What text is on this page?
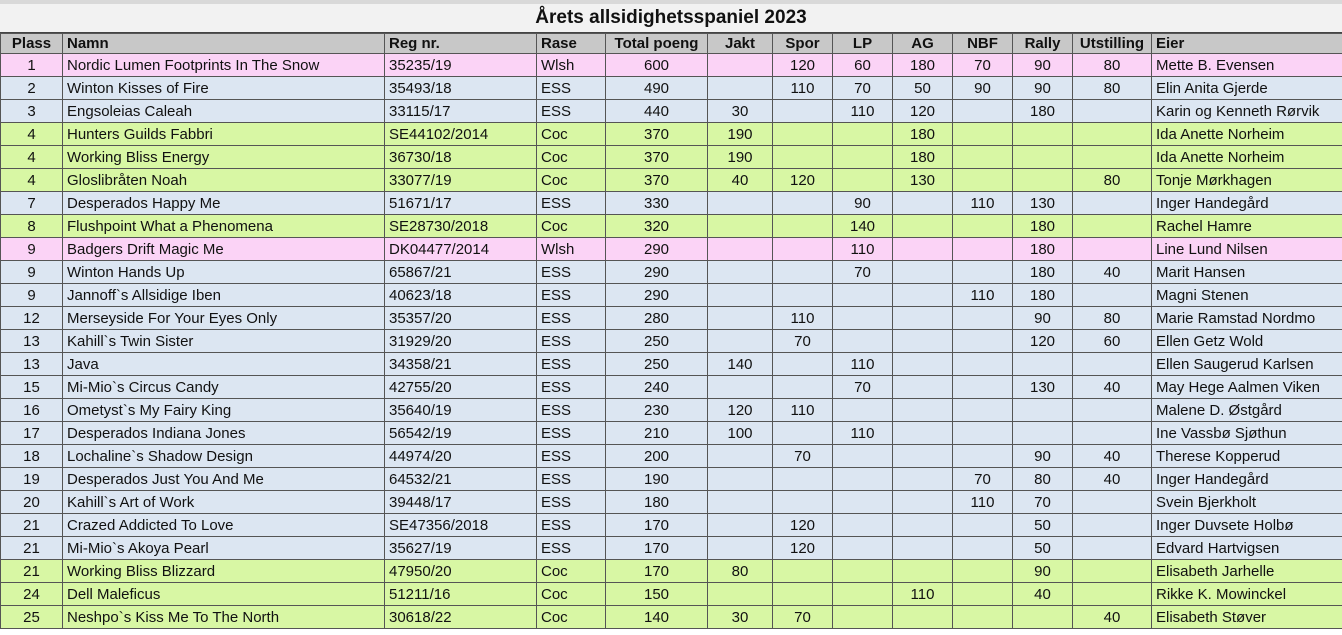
Årets allsidighetsspaniel 2023
Plass	Namn	Reg nr.	Rase	Total poeng	Jakt	Spor	LP	AG	NBF	Rally	Utstilling	Eier
1	Nordic Lumen Footprints In The Snow	35235/19	Wlsh	600		120	60	180	70	90	80	Mette B. Evensen
2	Winton Kisses of Fire	35493/18	ESS	490		110	70	50	90	90	80	Elin Anita Gjerde
3	Engsoleias Caleah	33115/17	ESS	440	30		110	120		180		Karin og Kenneth Rørvik
4	Hunters Guilds Fabbri	SE44102/2014	Coc	370	190			180				Ida Anette Norheim
4	Working Bliss Energy	36730/18	Coc	370	190			180				Ida Anette Norheim
4	Gloslibråten Noah	33077/19	Coc	370	40	120		130			80	Tonje Mørkhagen
7	Desperados Happy Me	51671/17	ESS	330			90		110	130		Inger Handegård
8	Flushpoint What a Phenomena	SE28730/2018	Coc	320			140			180		Rachel Hamre
9	Badgers Drift Magic Me	DK04477/2014	Wlsh	290			110			180		Line Lund Nilsen
9	Winton Hands Up	65867/21	ESS	290			70			180	40	Marit Hansen
9	Jannoff`s Allsidige Iben	40623/18	ESS	290					110	180		Magni Stenen
12	Merseyside For Your Eyes Only	35357/20	ESS	280		110				90	80	Marie Ramstad Nordmo
13	Kahill`s Twin Sister	31929/20	ESS	250		70				120	60	Ellen Getz Wold
13	Java	34358/21	ESS	250	140		110					Ellen Saugerud Karlsen
15	Mi-Mio`s Circus Candy	42755/20	ESS	240			70			130	40	May Hege Aalmen Viken
16	Ometyst`s My Fairy King	35640/19	ESS	230	120	110						Malene D. Østgård
17	Desperados Indiana Jones	56542/19	ESS	210	100		110					Ine Vassbø Sjøthun
18	Lochaline`s Shadow Design	44974/20	ESS	200		70				90	40	Therese Kopperud
19	Desperados Just You And Me	64532/21	ESS	190					70	80	40	Inger Handegård
20	Kahill`s Art of Work	39448/17	ESS	180					110	70		Svein Bjerkholt
21	Crazed Addicted To Love	SE47356/2018	ESS	170		120				50		Inger Duvsete Holbø
21	Mi-Mio`s Akoya Pearl	35627/19	ESS	170		120				50		Edvard Hartvigsen
21	Working Bliss Blizzard	47950/20	Coc	170	80					90		Elisabeth Jarhelle
24	Dell Maleficus	51211/16	Coc	150				110		40		Rikke K. Mowinckel
25	Neshpo`s Kiss Me To The North	30618/22	Coc	140	30	70					40	Elisabeth Støver
